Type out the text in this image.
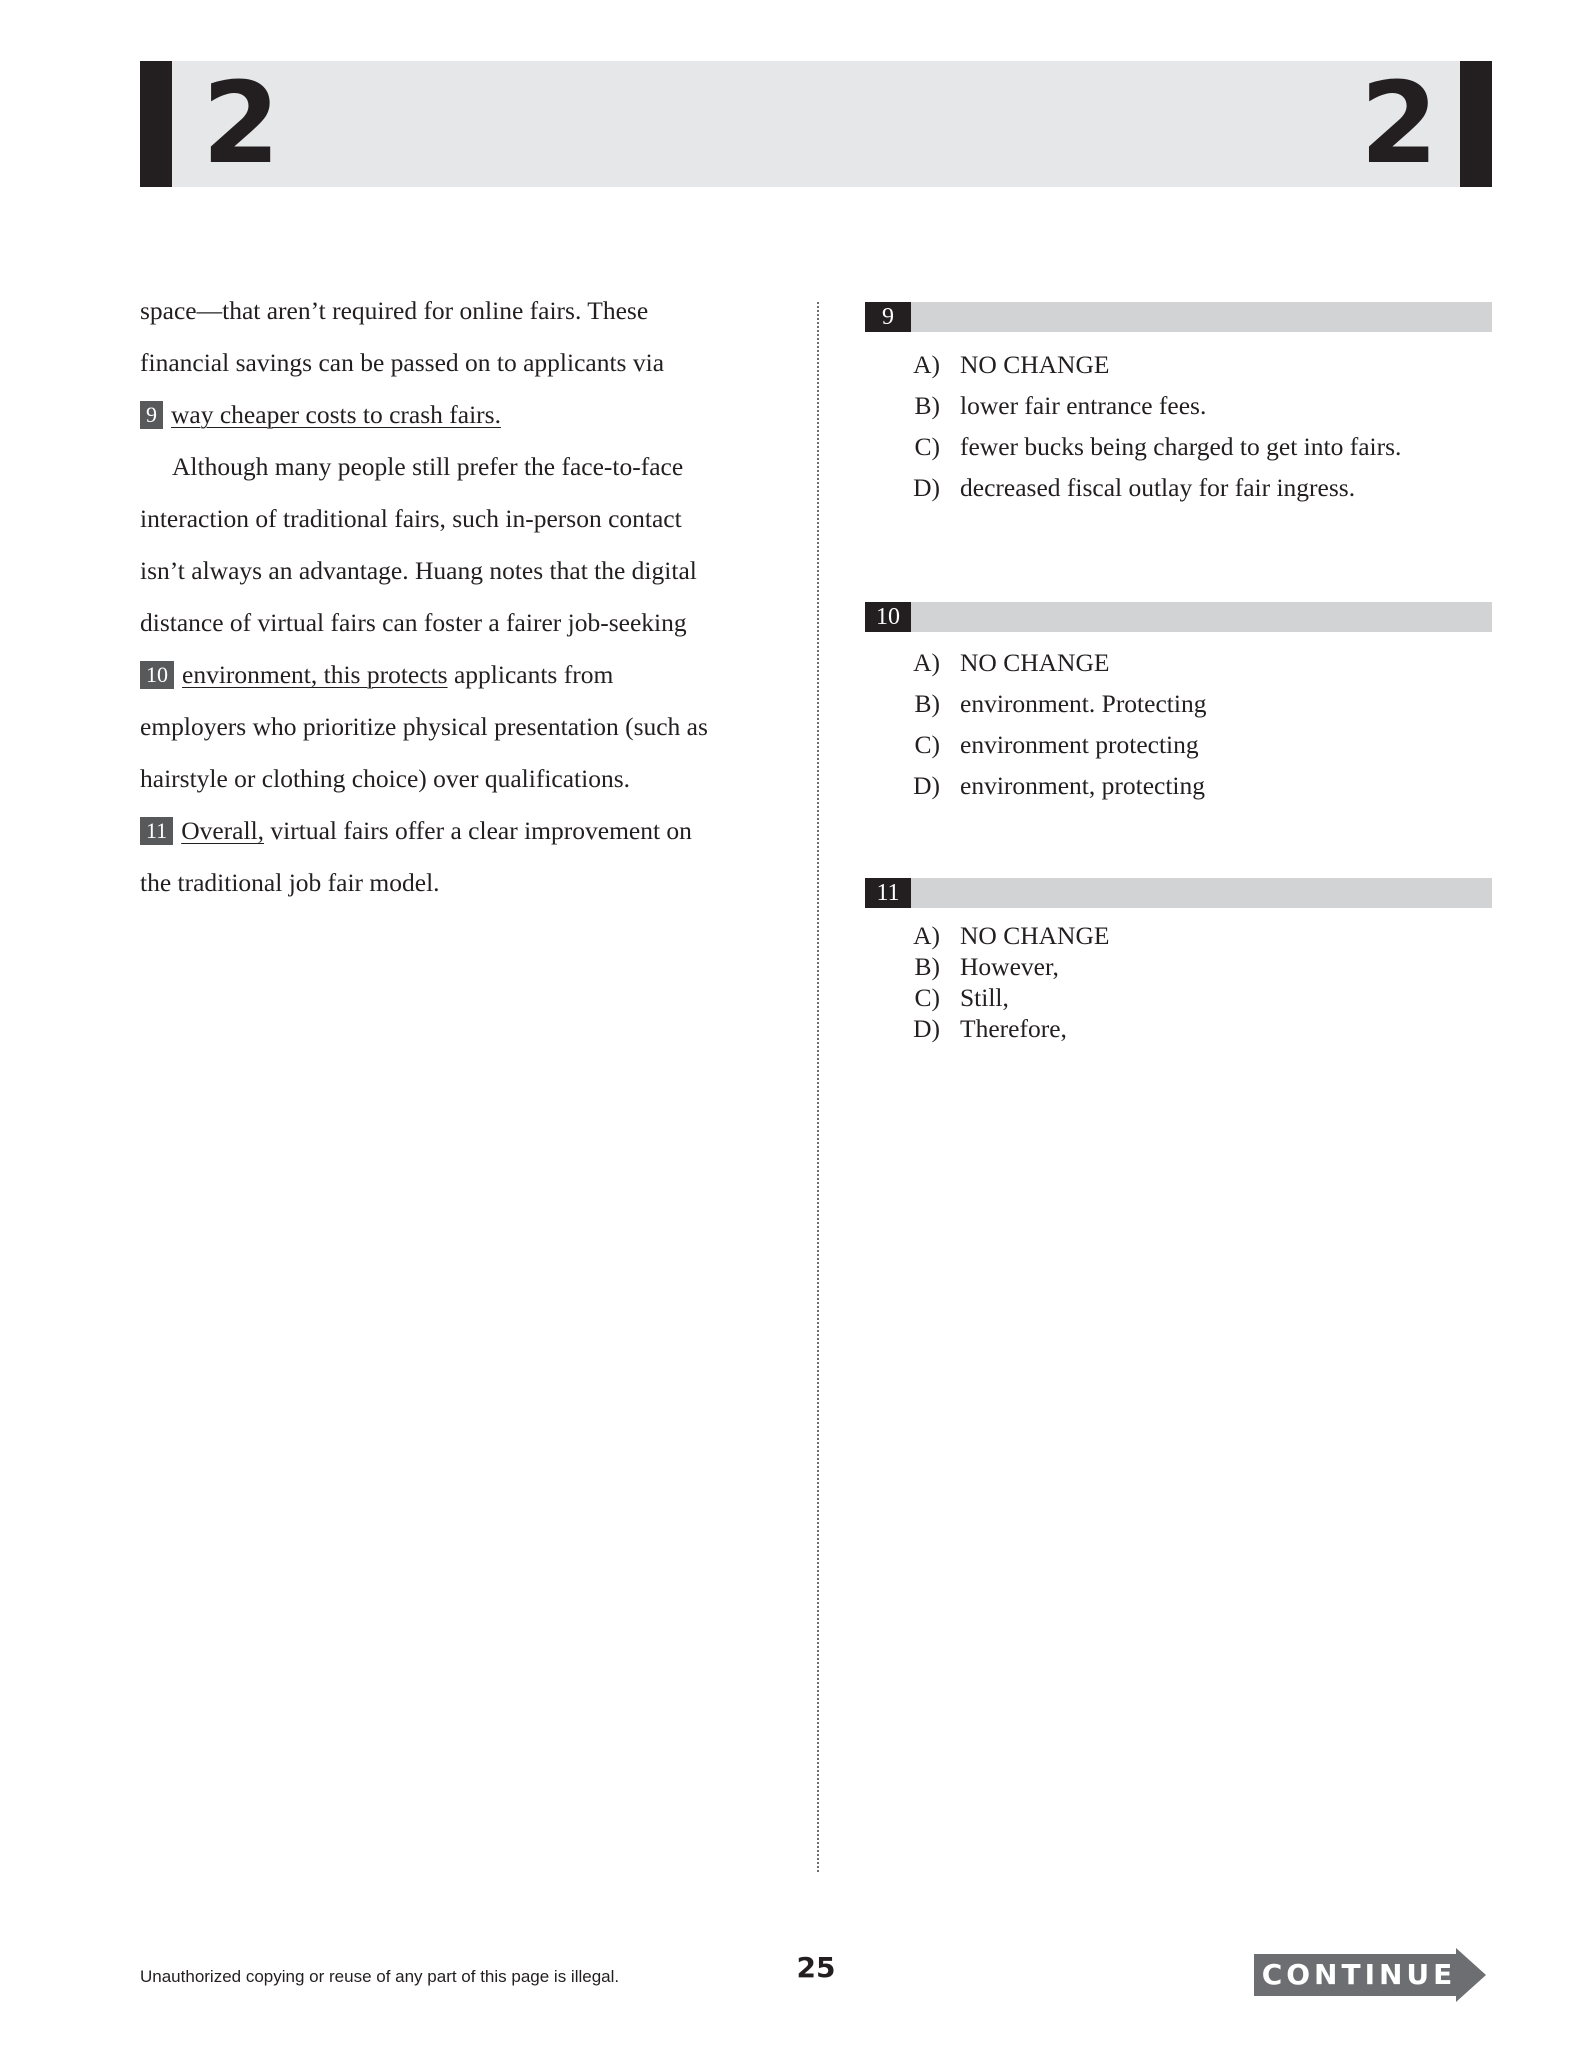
2	2

space—that aren’t required for online fairs. These

financial savings can be passed on to applicants via

9 way cheaper costs to crash fairs.

Although many people still prefer the face-to-face

interaction of traditional fairs, such in-person contact

isn’t always an advantage. Huang notes that the digital

distance of virtual fairs can foster a fairer job-seeking

10 environment, this protects applicants from

employers who prioritize physical presentation (such as

hairstyle or clothing choice) over qualifications.

11 Overall, virtual fairs offer a clear improvement on

the traditional job fair model.

9
A) NO CHANGE
B) lower fair entrance fees.
C) fewer bucks being charged to get into fairs.
D) decreased fiscal outlay for fair ingress.
10
A) NO CHANGE
B) environment. Protecting
C) environment protecting
D) environment, protecting
11
A) NO CHANGE
B) However,
C) Still,
D) Therefore,
Unauthorized copying or reuse of any part of this page is illegal.	25	CONTINUE
